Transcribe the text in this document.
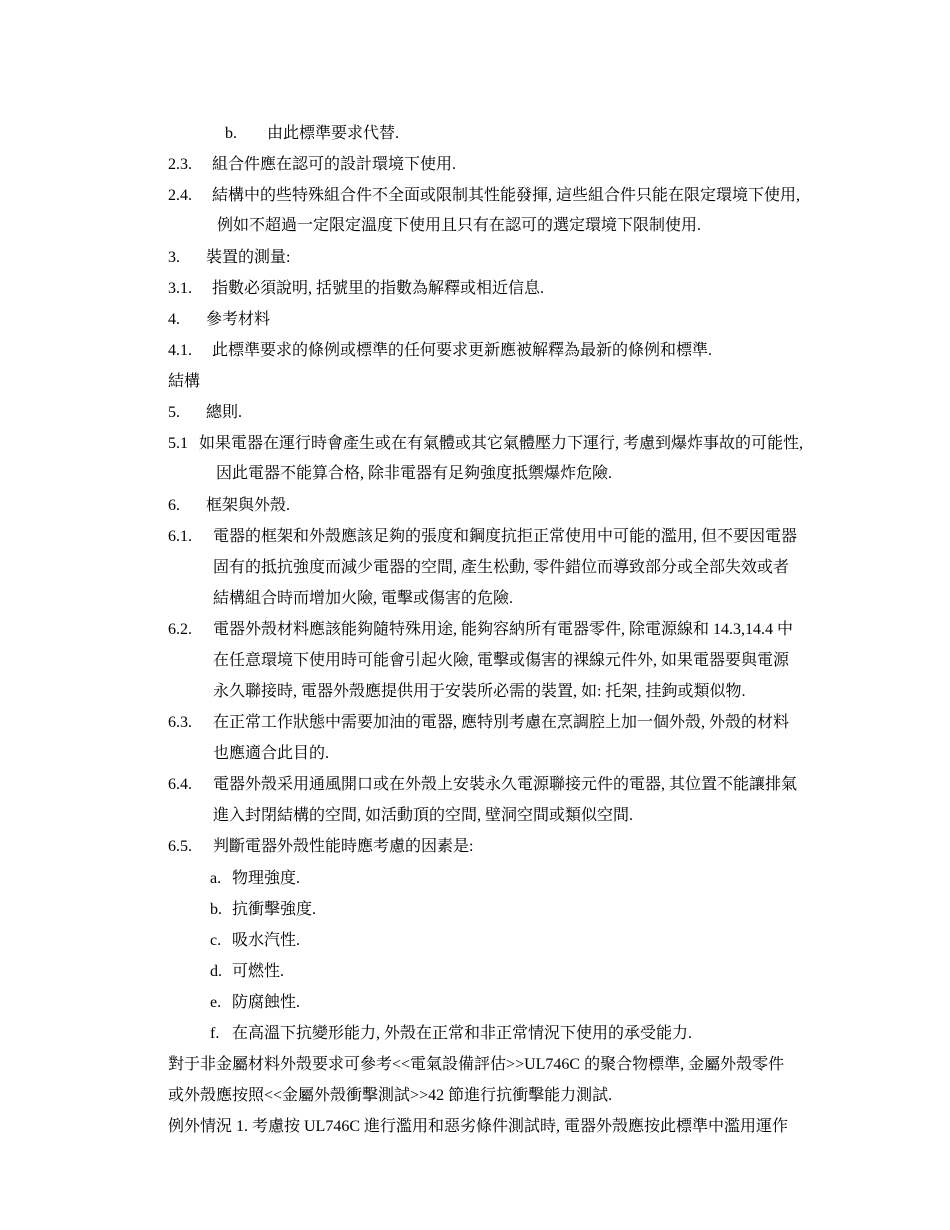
b. 由此標準要求代替.
2.3. 組合件應在認可的設計環境下使用.
2.4. 結構中的些特殊組合件不全面或限制其性能發揮, 這些組合件只能在限定環境下使用,
例如不超過一定限定溫度下使用且只有在認可的選定環境下限制使用.
3. 裝置的測量:
3.1. 指數必須說明, 括號里的指數為解釋或相近信息.
4. 參考材料
4.1. 此標準要求的條例或標準的任何要求更新應被解釋為最新的條例和標準.
結構
5. 總則.
5.1 如果電器在運行時會產生或在有氣體或其它氣體壓力下運行, 考慮到爆炸事故的可能性,
因此電器不能算合格, 除非電器有足夠強度抵禦爆炸危險.
6. 框架與外殼.
6.1. 電器的框架和外殼應該足夠的張度和鋼度抗拒正常使用中可能的濫用, 但不要因電器
固有的抵抗強度而減少電器的空間, 產生松動, 零件錯位而導致部分或全部失效或者
結構組合時而增加火險, 電擊或傷害的危險.
6.2. 電器外殼材料應該能夠隨特殊用途, 能夠容納所有電器零件, 除電源線和 14.3,14.4 中
在任意環境下使用時可能會引起火險, 電擊或傷害的裸線元件外, 如果電器要與電源
永久聯接時, 電器外殼應提供用于安裝所必需的裝置, 如: 托架, 挂鉤或類似物.
6.3. 在正常工作狀態中需要加油的電器, 應特別考慮在烹調腔上加一個外殼, 外殼的材料
也應適合此目的.
6.4. 電器外殼采用通風開口或在外殼上安裝永久電源聯接元件的電器, 其位置不能讓排氣
進入封閉結構的空間, 如活動頂的空間, 壁洞空間或類似空間.
6.5. 判斷電器外殼性能時應考慮的因素是:
a. 物理強度.
b. 抗衝擊強度.
c. 吸水汽性.
d. 可燃性.
e. 防腐蝕性.
f. 在高溫下抗變形能力, 外殼在正常和非正常情況下使用的承受能力.
對于非金屬材料外殼要求可參考<<電氣設備評估>>UL746C 的聚合物標準, 金屬外殼零件
或外殼應按照<<金屬外殼衝擊測試>>42 節進行抗衝擊能力測試.
例外情況 1. 考慮按 UL746C 進行濫用和惡劣條件測試時, 電器外殼應按此標準中濫用運作
